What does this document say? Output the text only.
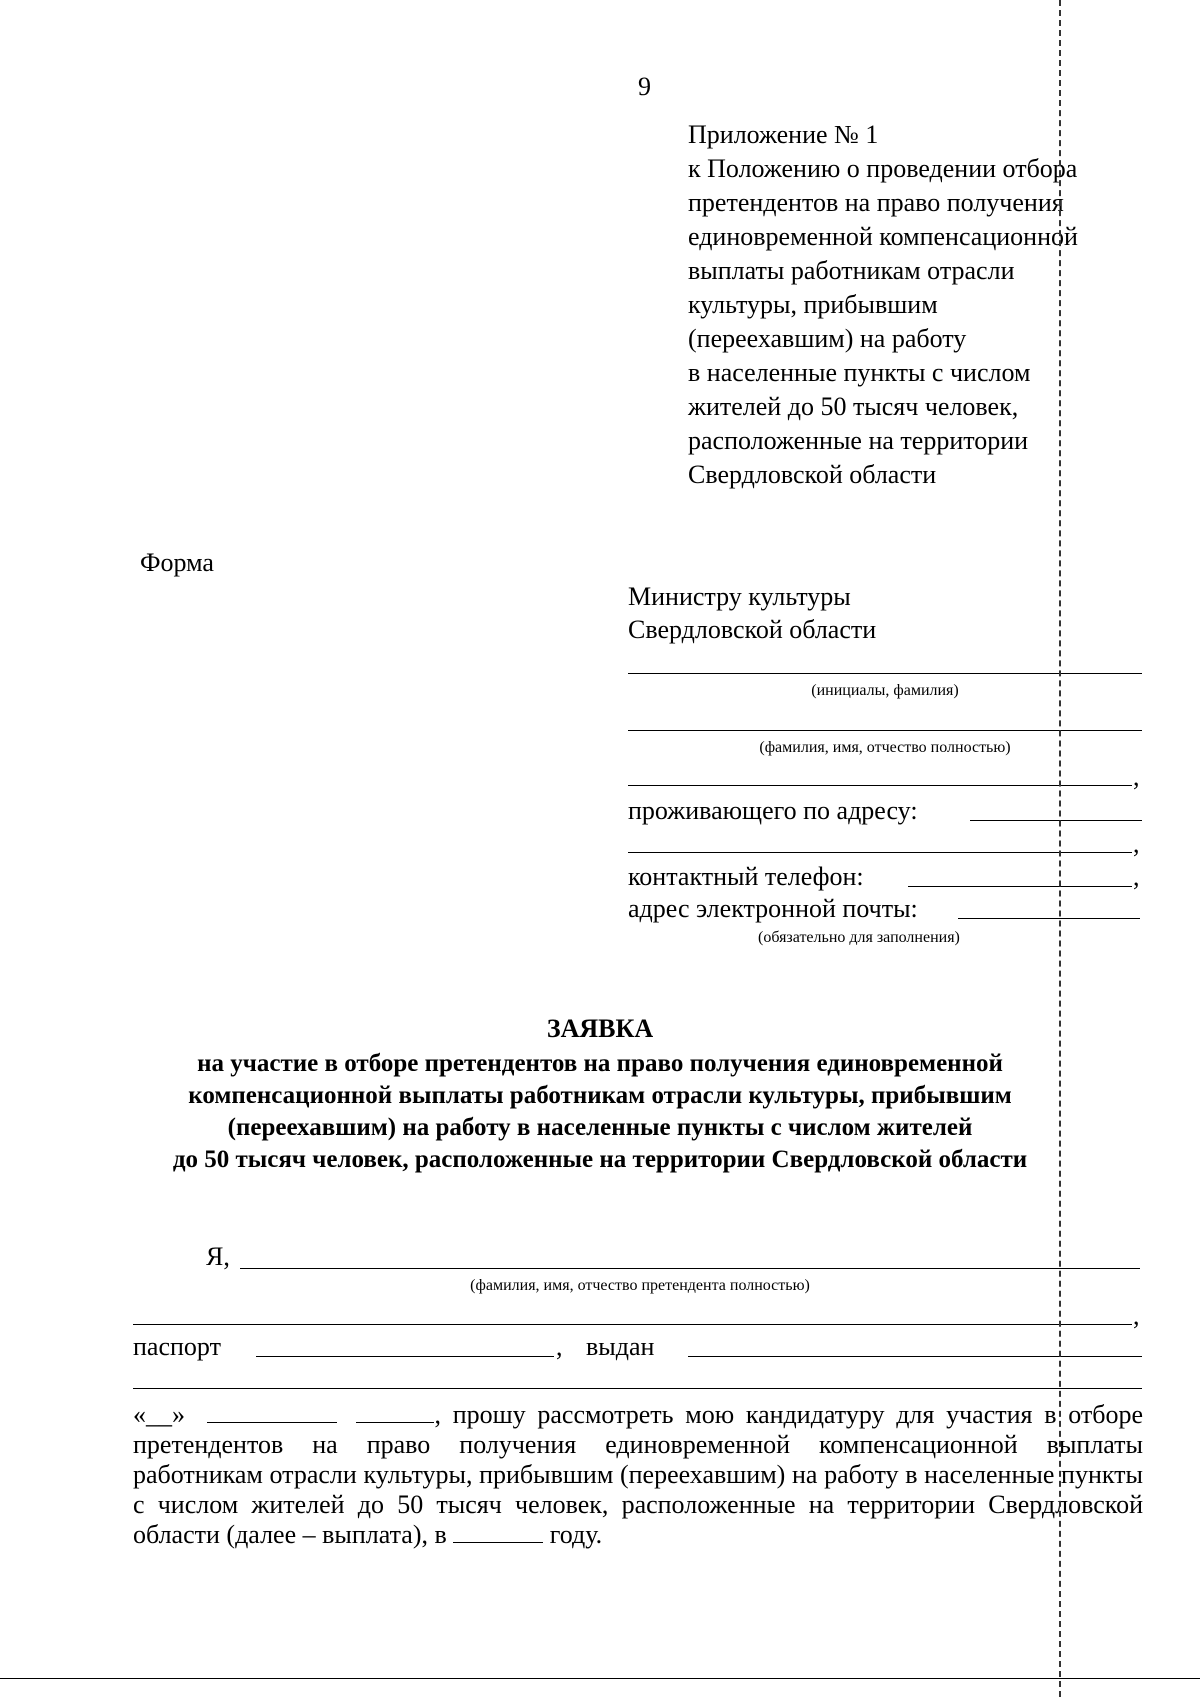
9
Приложение № 1
к Положению о проведении отбора
претендентов на право получения
единовременной компенсационной
выплаты работникам отрасли
культуры, прибывшим
(переехавшим) на работу
в населенные пункты с числом
жителей до 50 тысяч человек,
расположенные на территории
Свердловской области
Форма
Министру культуры
Свердловской области
(инициалы, фамилия)
(фамилия, имя, отчество полностью)
,
проживающего по адресу:
,
контактный телефон:	,
адрес электронной почты:
(обязательно для заполнения)
ЗАЯВКА
на участие в отборе претендентов на право получения единовременной
компенсационной выплаты работникам отрасли культуры, прибывшим
(переехавшим) на работу в населенные пункты с числом жителей
до 50 тысяч человек, расположенные на территории Свердловской области
Я,
(фамилия, имя, отчество претендента полностью)
,
паспорт	, выдан
«__»	, прошу рассмотреть мою кандидатуру для участия в отборе претендентов на право получения единовременной компенсационной выплаты работникам отрасли культуры, прибывшим (переехавшим) на работу в населенные пункты с числом жителей до 50 тысяч человек, расположенные на территории Свердловской области (далее – выплата), в	году.
